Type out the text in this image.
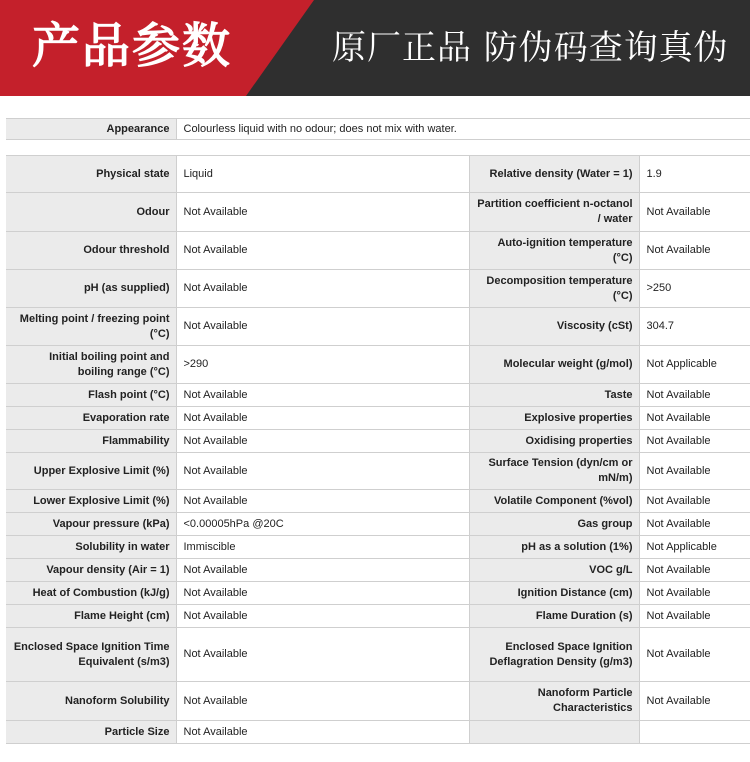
产品参数	原厂正品 防伪码查询真伪
Appearance	Colourless liquid with no odour; does not mix with water.
Physical state	Liquid	Relative density (Water = 1)	1.9
Odour	Not Available	Partition coefficient n-octanol / water	Not Available
Odour threshold	Not Available	Auto-ignition temperature (°C)	Not Available
pH (as supplied)	Not Available	Decomposition temperature (°C)	>250
Melting point / freezing point (°C)	Not Available	Viscosity (cSt)	304.7
Initial boiling point and boiling range (°C)	>290	Molecular weight (g/mol)	Not Applicable
Flash point (°C)	Not Available	Taste	Not Available
Evaporation rate	Not Available	Explosive properties	Not Available
Flammability	Not Available	Oxidising properties	Not Available
Upper Explosive Limit (%)	Not Available	Surface Tension (dyn/cm or mN/m)	Not Available
Lower Explosive Limit (%)	Not Available	Volatile Component (%vol)	Not Available
Vapour pressure (kPa)	<0.00005hPa @20C	Gas group	Not Available
Solubility in water	Immiscible	pH as a solution (1%)	Not Applicable
Vapour density (Air = 1)	Not Available	VOC g/L	Not Available
Heat of Combustion (kJ/g)	Not Available	Ignition Distance (cm)	Not Available
Flame Height (cm)	Not Available	Flame Duration (s)	Not Available
Enclosed Space Ignition Time Equivalent (s/m3)	Not Available	Enclosed Space Ignition Deflagration Density (g/m3)	Not Available
Nanoform Solubility	Not Available	Nanoform Particle Characteristics	Not Available
Particle Size	Not Available		
